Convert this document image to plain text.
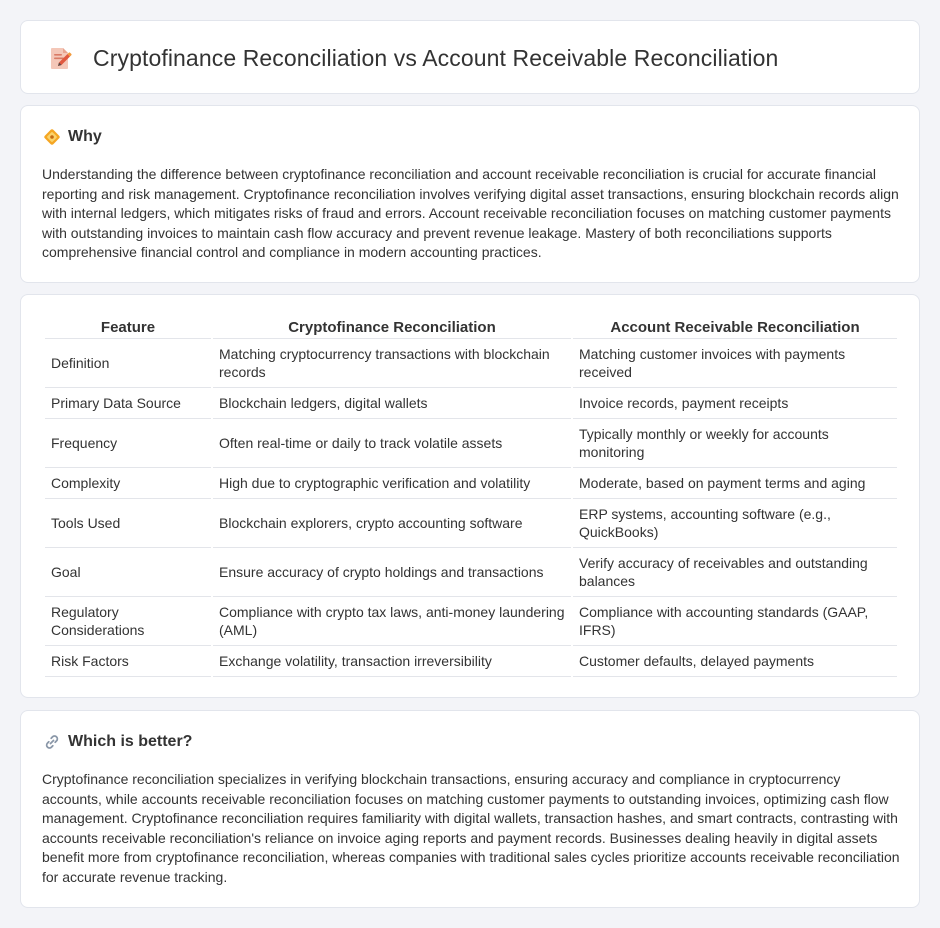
Cryptofinance Reconciliation vs Account Receivable Reconciliation
Why

Understanding the difference between cryptofinance reconciliation and account receivable reconciliation is crucial for accurate financial reporting and risk management. Cryptofinance reconciliation involves verifying digital asset transactions, ensuring blockchain records align with internal ledgers, which mitigates risks of fraud and errors. Account receivable reconciliation focuses on matching customer payments with outstanding invoices to maintain cash flow accuracy and prevent revenue leakage. Mastery of both reconciliations supports comprehensive financial control and compliance in modern accounting practices.

Feature	Cryptofinance Reconciliation	Account Receivable Reconciliation
Definition	Matching cryptocurrency transactions with blockchain records	Matching customer invoices with payments received
Primary Data Source	Blockchain ledgers, digital wallets	Invoice records, payment receipts
Frequency	Often real-time or daily to track volatile assets	Typically monthly or weekly for accounts monitoring
Complexity	High due to cryptographic verification and volatility	Moderate, based on payment terms and aging
Tools Used	Blockchain explorers, crypto accounting software	ERP systems, accounting software (e.g., QuickBooks)
Goal	Ensure accuracy of crypto holdings and transactions	Verify accuracy of receivables and outstanding balances
Regulatory Considerations	Compliance with crypto tax laws, anti-money laundering (AML)	Compliance with accounting standards (GAAP, IFRS)
Risk Factors	Exchange volatility, transaction irreversibility	Customer defaults, delayed payments
Which is better?

Cryptofinance reconciliation specializes in verifying blockchain transactions, ensuring accuracy and compliance in cryptocurrency accounts, while accounts receivable reconciliation focuses on matching customer payments to outstanding invoices, optimizing cash flow management. Cryptofinance reconciliation requires familiarity with digital wallets, transaction hashes, and smart contracts, contrasting with accounts receivable reconciliation's reliance on invoice aging reports and payment records. Businesses dealing heavily in digital assets benefit more from cryptofinance reconciliation, whereas companies with traditional sales cycles prioritize accounts receivable reconciliation for accurate revenue tracking.
